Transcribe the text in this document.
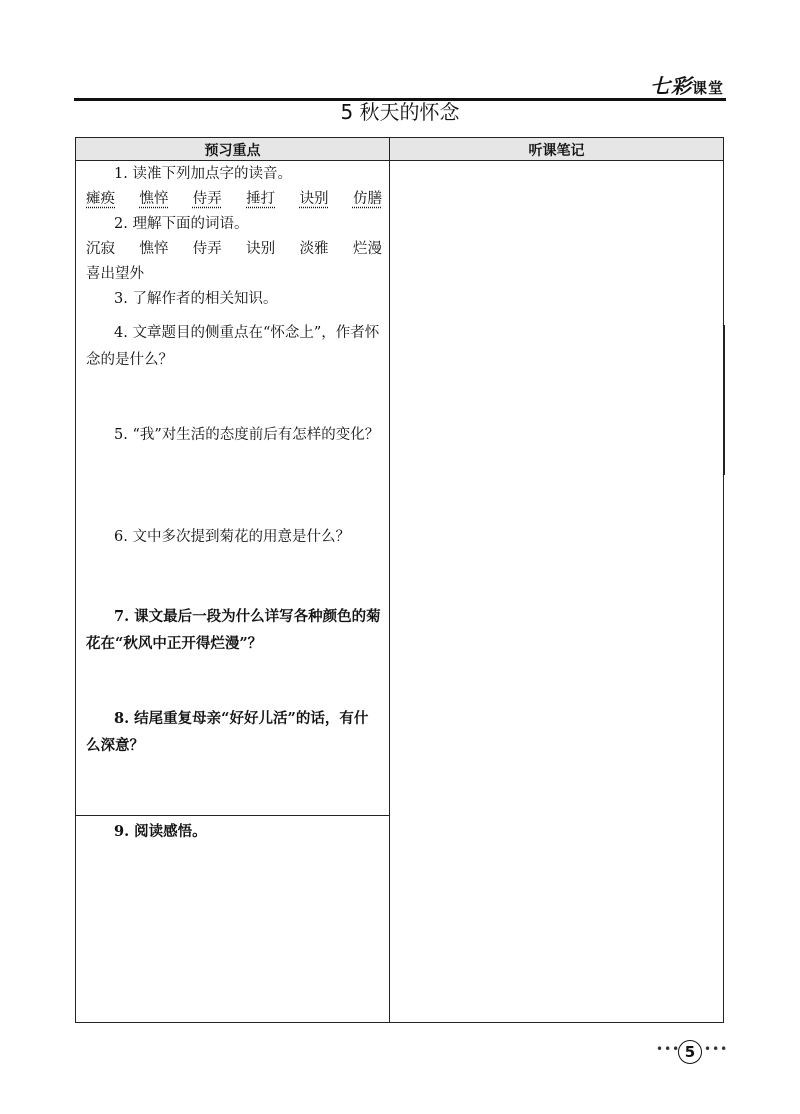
七彩课堂
5 秋天的怀念
预习重点	听课笔记
1. 读准下列加点字的读音。
瘫痪 憔悴 侍弄 捶打 诀别 仿膳
2. 理解下面的词语。
沉寂 憔悴 侍弄 诀别 淡雅 烂漫
喜出望外
3. 了解作者的相关知识。
4. 文章题目的侧重点在“怀念上”，作者怀念的是什么？
5. “我”对生活的态度前后有怎样的变化？
6. 文中多次提到菊花的用意是什么？
7. 课文最后一段为什么详写各种颜色的菊花在“秋风中正开得烂漫”？
8. 结尾重复母亲“好好儿活”的话，有什么深意？
9. 阅读感悟。
••• 5 •••
